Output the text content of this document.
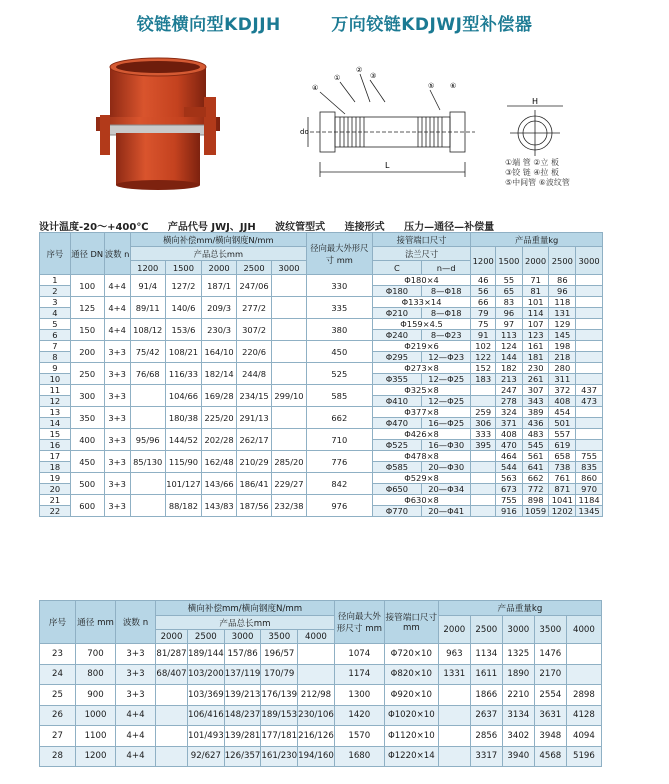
铰链横向型KDJJH	万向铰链KDJWJ型补偿器
L
do
①
②
③
④	⑤ ⑥
H
①端 管 ②立 板
③铰 链 ④拉 板
⑤中间管 ⑥波纹管
设计温度-20～+400℃ 产品代号 JWJ、JJH 波纹管型式 连接形式 压力—通径—补偿量
序号	通径 DN	波数 n	横向补偿mm/横向钢度N/mm					径向最大外形尺寸 mm	接管端口尺寸		产品重量kg				
			产品总长mm						法兰尺寸		1200	1500	2000	2500	3000
			1200	1500	2000	2500	3000		C	n—d					
1	100	4+4	91/4	127/2	187/1	247/06		330	Φ180×4		46	55	71	86	
2									Φ180	8—Φ18	56	65	81	96	
3	125	4+4	89/11	140/6	209/3	277/2		335	Φ133×14		66	83	101	118	
4									Φ210	8—Φ18	79	96	114	131	
5	150	4+4	108/12	153/6	230/3	307/2		380	Φ159×4.5		75	97	107	129	
6									Φ240	8—Φ23	91	113	123	145	
7	200	3+3	75/42	108/21	164/10	220/6		450	Φ219×6		102	124	161	198	
8									Φ295	12—Φ23	122	144	181	218	
9	250	3+3	76/68	116/33	182/14	244/8		525	Φ273×8		152	182	230	280	
10									Φ355	12—Φ25	183	213	261	311	
11	300	3+3		104/66	169/28	234/15	299/10	585	Φ325×8			247	307	372	437
12									Φ410	12—Φ25		278	343	408	473
13	350	3+3		180/38	225/20	291/13		662	Φ377×8		259	324	389	454	
14									Φ470	16—Φ25	306	371	436	501	
15	400	3+3	95/96	144/52	202/28	262/17		710	Φ426×8		333	408	483	557	
16									Φ525	16—Φ30	395	470	545	619	
17	450	3+3	85/130	115/90	162/48	210/29	285/20	776	Φ478×8			464	561	658	755
18									Φ585	20—Φ30		544	641	738	835
19	500	3+3		101/127	143/66	186/41	229/27	842	Φ529×8			563	662	761	860
20									Φ650	20—Φ34		673	772	871	970
21	600	3+3		88/182	143/83	187/56	232/38	976	Φ630×8			755	898	1041	1184
22									Φ770	20—Φ41		916	1059	1202	1345
序号	通径 mm	波数 n	横向补偿mm/横向钢度N/mm					径向最大外形尺寸 mm	接管端口尺寸 mm	产品重量kg				
			产品总长mm							2000	2500	3000	3500	4000
			2000	2500	3000	3500	4000							
23	700	3+3	81/287	189/144	157/86	196/57		1074	Φ720×10	963	1134	1325	1476	
24	800	3+3	68/407	103/200	137/119	170/79		1174	Φ820×10	1331	1611	1890	2170	
25	900	3+3		103/369	139/213	176/139	212/98	1300	Φ920×10		1866	2210	2554	2898
26	1000	4+4		106/416	148/237	189/153	230/106	1420	Φ1020×10		2637	3134	3631	4128
27	1100	4+4		101/493	139/281	177/181	216/126	1570	Φ1120×10		2856	3402	3948	4094
28	1200	4+4		92/627	126/357	161/230	194/160	1680	Φ1220×14		3317	3940	4568	5196
